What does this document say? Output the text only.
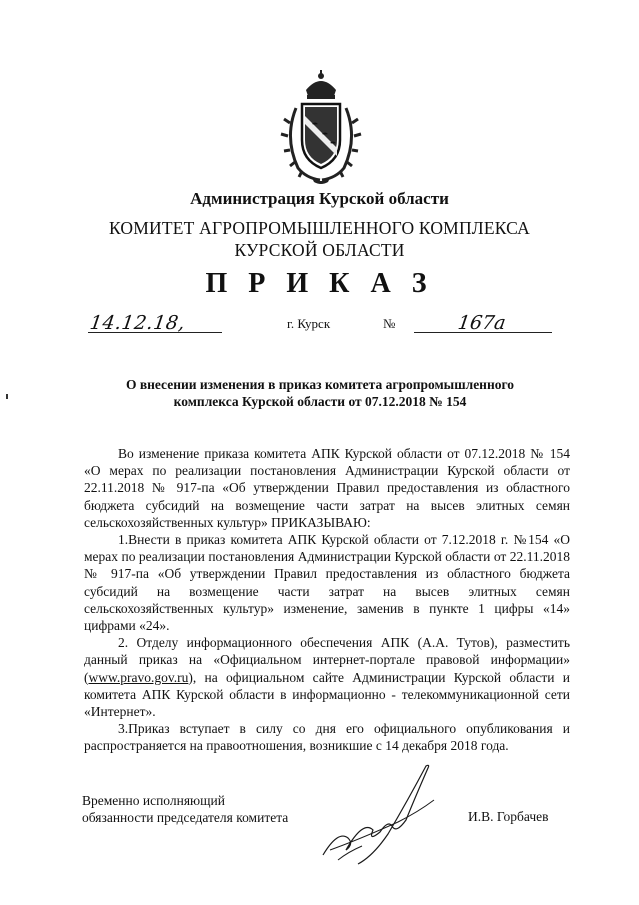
Администрация Курской области
КОМИТЕТ АГРОПРОМЫШЛЕННОГО КОМПЛЕКСА
КУРСКОЙ ОБЛАСТИ
П Р И К А З
14.12.18,	г. Курск	№	167а
О внесении изменения в приказ комитета агропромышленного
комплекса Курской области от 07.12.2018 № 154

Во изменение приказа комитета АПК Курской области от 07.12.2018 № 154 «О мерах по реализации постановления Администрации Курской области от 22.11.2018 № 917-па «Об утверждении Правил предоставления из областного бюджета субсидий на возмещение части затрат на высев элитных семян сельскохозяйственных культур» ПРИКАЗЫВАЮ:

1.Внести в приказ комитета АПК Курской области от 7.12.2018 г. №154 «О мерах по реализации постановления Администрации Курской области от 22.11.2018 № 917-па «Об утверждении Правил предоставления из областного бюджета субсидий на возмещение части затрат на высев элитных семян сельскохозяйственных культур» изменение, заменив в пункте 1 цифры «14» цифрами «24».

2. Отделу информационного обеспечения АПК (А.А. Тутов), разместить данный приказ на «Официальном интернет-портале правовой информации» (www.pravo.gov.ru), на официальном сайте Администрации Курской области и комитета АПК Курской области в информационно - телекоммуникационной сети «Интернет».

3.Приказ вступает в силу со дня его официального опубликования и распространяется на правоотношения, возникшие с 14 декабря 2018 года.

Временно исполняющий
обязанности председателя комитета	И.В. Горбачев
